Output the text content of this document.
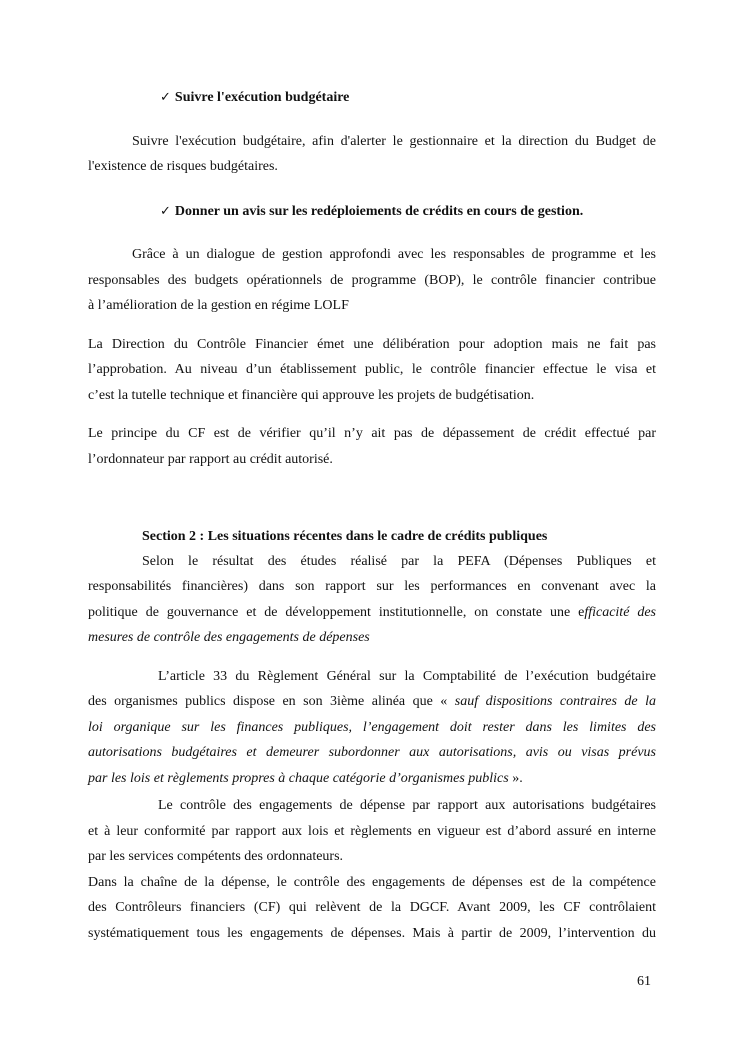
✓ Suivre l'exécution budgétaire
Suivre l'exécution budgétaire, afin d'alerter le gestionnaire et la direction du Budget de
l'existence de risques budgétaires.
✓ Donner un avis sur les redéploiements de crédits en cours de gestion.
Grâce à un dialogue de gestion approfondi avec les responsables de programme et les
responsables des budgets opérationnels de programme (BOP), le contrôle financier contribue
à l’amélioration de la gestion en régime LOLF
La Direction du Contrôle Financier émet une délibération pour adoption mais ne fait pas
l’approbation. Au niveau d’un établissement public, le contrôle financier effectue le visa et
c’est la tutelle technique et financière qui approuve les projets de budgétisation.
Le principe du CF est de vérifier qu’il n’y ait pas de dépassement de crédit effectué par
l’ordonnateur par rapport au crédit autorisé.
Section 2 : Les situations récentes dans le cadre de crédits publiques
Selon le résultat des études réalisé par la PEFA (Dépenses Publiques et
responsabilités financières) dans son rapport sur les performances en convenant avec la
politique de gouvernance et de développement institutionnelle, on constate une efficacité des
mesures de contrôle des engagements de dépenses
L’article 33 du Règlement Général sur la Comptabilité de l’exécution budgétaire
des organismes publics dispose en son 3ième alinéa que « sauf dispositions contraires de la
loi organique sur les finances publiques, l’engagement doit rester dans les limites des
autorisations budgétaires et demeurer subordonner aux autorisations, avis ou visas prévus
par les lois et règlements propres à chaque catégorie d’organismes publics ».
Le contrôle des engagements de dépense par rapport aux autorisations budgétaires
et à leur conformité par rapport aux lois et règlements en vigueur est d’abord assuré en interne
par les services compétents des ordonnateurs.
Dans la chaîne de la dépense, le contrôle des engagements de dépenses est de la compétence
des Contrôleurs financiers (CF) qui relèvent de la DGCF. Avant 2009, les CF contrôlaient
systématiquement tous les engagements de dépenses. Mais à partir de 2009, l’intervention du
61
